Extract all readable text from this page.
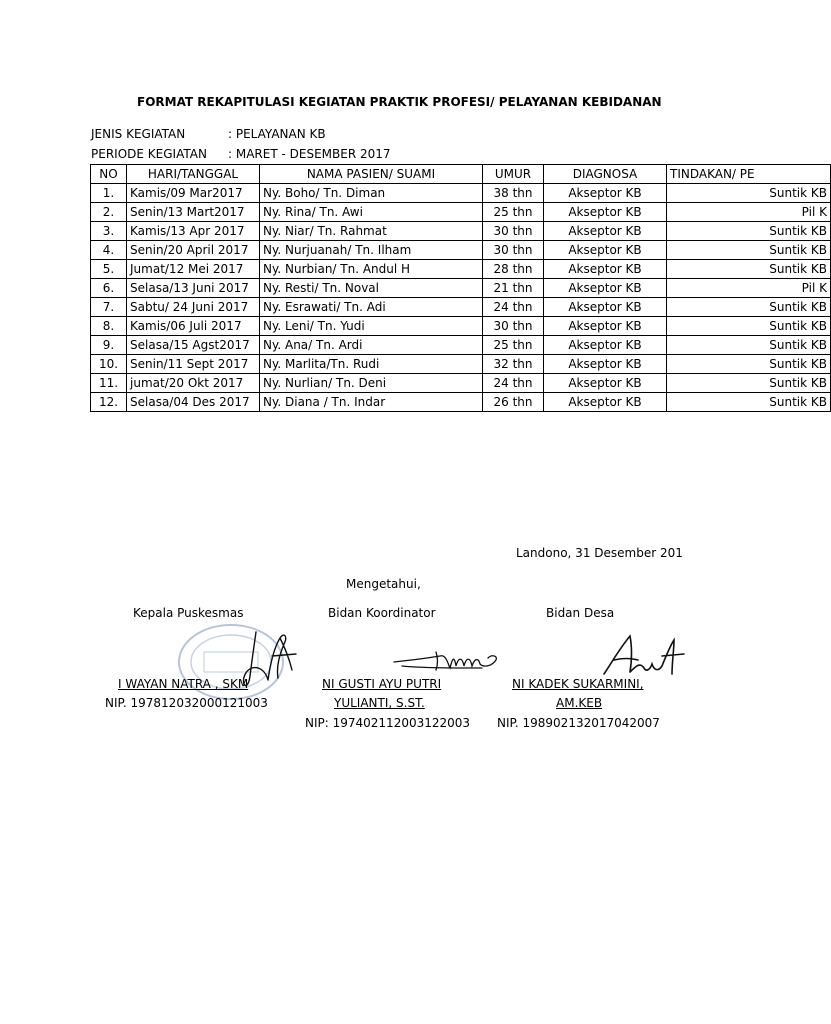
FORMAT REKAPITULASI KEGIATAN PRAKTIK PROFESI/ PELAYANAN KEBIDANAN
JENIS KEGIATAN	: PELAYANAN KB
PERIODE KEGIATAN : MARET - DESEMBER 2017
NO	HARI/TANGGAL	NAMA PASIEN/ SUAMI	UMUR	DIAGNOSA	TINDAKAN/ PE
1.	Kamis/09 Mar2017	Ny. Boho/ Tn. Diman	38 thn	Akseptor KB	Suntik KB
2.	Senin/13 Mart2017	Ny. Rina/ Tn. Awi	25 thn	Akseptor KB	Pil K
3.	Kamis/13 Apr 2017	Ny. Niar/ Tn. Rahmat	30 thn	Akseptor KB	Suntik KB
4.	Senin/20 April 2017	Ny. Nurjuanah/ Tn. Ilham	30 thn	Akseptor KB	Suntik KB
5.	Jumat/12 Mei 2017	Ny. Nurbian/ Tn. Andul H	28 thn	Akseptor KB	Suntik KB
6.	Selasa/13 Juni 2017	Ny. Resti/ Tn. Noval	21 thn	Akseptor KB	Pil K
7.	Sabtu/ 24 Juni 2017	Ny. Esrawati/ Tn. Adi	24 thn	Akseptor KB	Suntik KB
8.	Kamis/06 Juli 2017	Ny. Leni/ Tn. Yudi	30 thn	Akseptor KB	Suntik KB
9.	Selasa/15 Agst2017	Ny. Ana/ Tn. Ardi	25 thn	Akseptor KB	Suntik KB
10.	Senin/11 Sept 2017	Ny. Marlita/Tn. Rudi	32 thn	Akseptor KB	Suntik KB
11.	jumat/20 Okt 2017	Ny. Nurlian/ Tn. Deni	24 thn	Akseptor KB	Suntik KB
12.	Selasa/04 Des 2017	Ny. Diana / Tn. Indar	26 thn	Akseptor KB	Suntik KB
Landono, 31 Desember 201
Mengetahui,
Kepala Puskesmas	Bidan Koordinator	Bidan Desa
I WAYAN NATRA , SKM
NIP. 197812032000121003
NI GUSTI AYU PUTRI
YULIANTI, S.ST.
NIP: 197402112003122003
NI KADEK SUKARMINI,
AM.KEB
NIP. 198902132017042007
